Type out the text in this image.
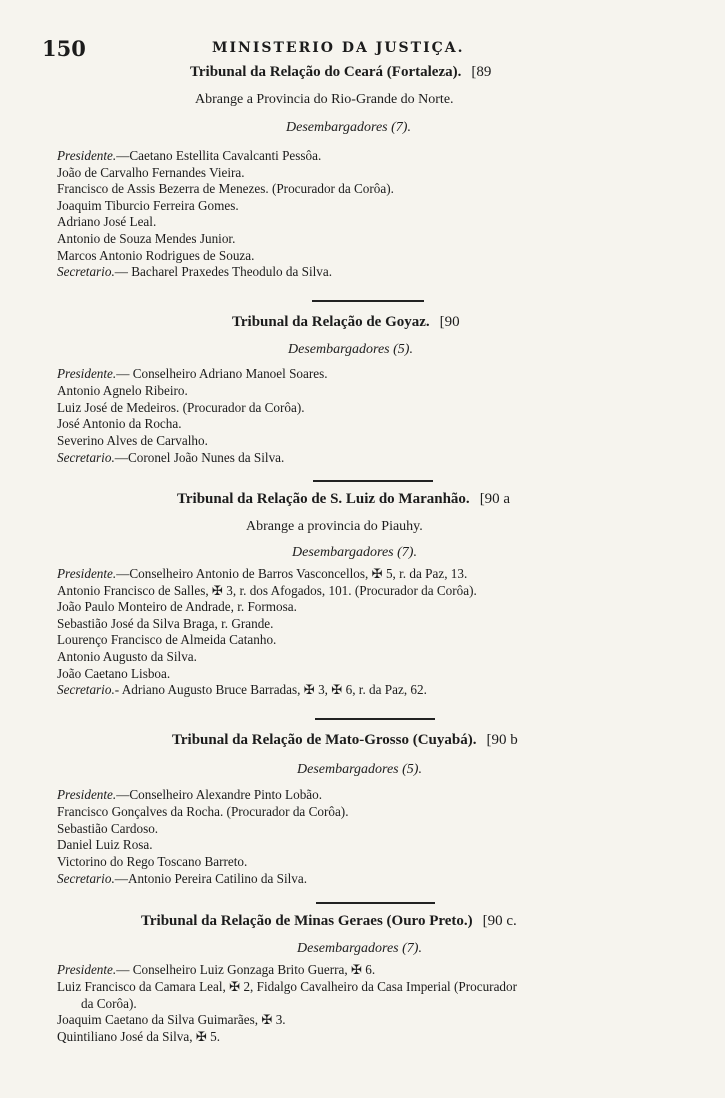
150	MINISTERIO DA JUSTIÇA.
Tribunal da Relação do Ceará (Fortaleza). [89
Abrange a Provincia do Rio-Grande do Norte.
Desembargadores (7).
Presidente.—Caetano Estellita Cavalcanti Pessôa.
João de Carvalho Fernandes Vieira.
Francisco de Assis Bezerra de Menezes. (Procurador da Corôa).
Joaquim Tiburcio Ferreira Gomes.
Adriano José Leal.
Antonio de Souza Mendes Junior.
Marcos Antonio Rodrigues de Souza.
Secretario.— Bacharel Praxedes Theodulo da Silva.
Tribunal da Relação de Goyaz. [90
Desembargadores (5).
Presidente.— Conselheiro Adriano Manoel Soares.
Antonio Agnelo Ribeiro.
Luiz José de Medeiros. (Procurador da Corôa).
José Antonio da Rocha.
Severino Alves de Carvalho.
Secretario.—Coronel João Nunes da Silva.
Tribunal da Relação de S. Luiz do Maranhão. [90 a
Abrange a provincia do Piauhy.
Desembargadores (7).
Presidente.—Conselheiro Antonio de Barros Vasconcellos, ✠ 5, r. da Paz, 13.
Antonio Francisco de Salles, ✠ 3, r. dos Afogados, 101. (Procurador da Corôa).
João Paulo Monteiro de Andrade, r. Formosa.
Sebastião José da Silva Braga, r. Grande.
Lourenço Francisco de Almeida Catanho.
Antonio Augusto da Silva.
João Caetano Lisboa.
Secretario.- Adriano Augusto Bruce Barradas, ✠ 3, ✠ 6, r. da Paz, 62.
Tribunal da Relação de Mato-Grosso (Cuyabá). [90 b
Desembargadores (5).
Presidente.—Conselheiro Alexandre Pinto Lobão.
Francisco Gonçalves da Rocha. (Procurador da Corôa).
Sebastião Cardoso.
Daniel Luiz Rosa.
Victorino do Rego Toscano Barreto.
Secretario.—Antonio Pereira Catilino da Silva.
Tribunal da Relação de Minas Geraes (Ouro Preto.) [90 c.
Desembargadores (7).
Presidente.— Conselheiro Luiz Gonzaga Brito Guerra, ✠ 6.
Luiz Francisco da Camara Leal, ✠ 2, Fidalgo Cavalheiro da Casa Imperial (Procurador
da Corôa).
Joaquim Caetano da Silva Guimarães, ✠ 3.
Quintiliano José da Silva, ✠ 5.
